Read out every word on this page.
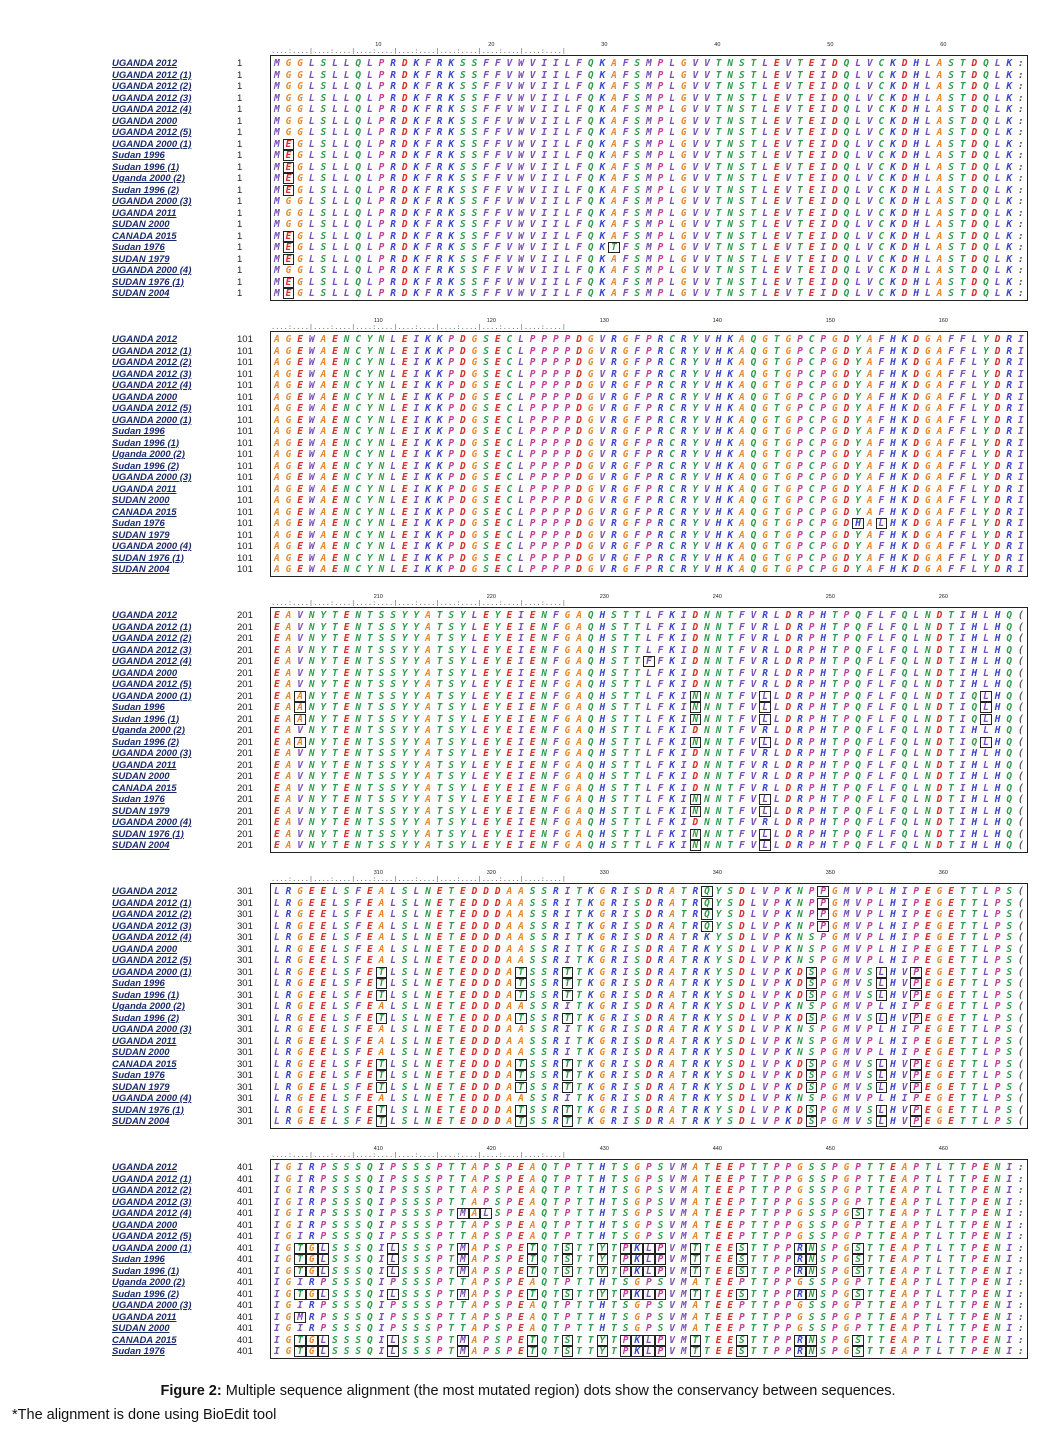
10	20	30	40	50	60
....:....|....:....|....:....|....:....|....:....|....:....|....:....|
UGANDA 2012	1	M G G L S L L Q L P R D K F R K S S F F V W V I I L F Q K A F S M P L G V V T N S T L E V T E I D Q L V C K D H L A S T D Q L K :
UGANDA 2012 (1)	1	M G G L S L L Q L P R D K F R K S S F F V W V I I L F Q K A F S M P L G V V T N S T L E V T E I D Q L V C K D H L A S T D Q L K :
UGANDA 2012 (2)	1	M G G L S L L Q L P R D K F R K S S F F V W V I I L F Q K A F S M P L G V V T N S T L E V T E I D Q L V C K D H L A S T D Q L K :
UGANDA 2012 (3)	1	M G G L S L L Q L P R D K F R K S S F F V W V I I L F Q K A F S M P L G V V T N S T L E V T E I D Q L V C K D H L A S T D Q L K :
UGANDA 2012 (4)	1	M G G L S L L Q L P R D K F R K S S F F V W V I I L F Q K A F S M P L G V V T N S T L E V T E I D Q L V C K D H L A S T D Q L K :
UGANDA 2000	1	M G G L S L L Q L P R D K F R K S S F F V W V I I L F Q K A F S M P L G V V T N S T L E V T E I D Q L V C K D H L A S T D Q L K :
UGANDA 2012 (5)	1	M G G L S L L Q L P R D K F R K S S F F V W V I I L F Q K A F S M P L G V V T N S T L E V T E I D Q L V C K D H L A S T D Q L K :
UGANDA 2000 (1)	1	M E G L S L L Q L P R D K F R K S S F F V W V I I L F Q K A F S M P L G V V T N S T L E V T E I D Q L V C K D H L A S T D Q L K :
Sudan 1996	1	M E G L S L L Q L P R D K F R K S S F F V W V I I L F Q K A F S M P L G V V T N S T L E V T E I D Q L V C K D H L A S T D Q L K :
Sudan 1996 (1)	1	M E G L S L L Q L P R D K F R K S S F F V W V I I L F Q K A F S M P L G V V T N S T L E V T E I D Q L V C K D H L A S T D Q L K :
Uganda 2000 (2)	1	M E G L S L L Q L P R D K F R K S S F F V W V I I L F Q K A F S M P L G V V T N S T L E V T E I D Q L V C K D H L A S T D Q L K :
Sudan 1996 (2)	1	M E G L S L L Q L P R D K F R K S S F F V W V I I L F Q K A F S M P L G V V T N S T L E V T E I D Q L V C K D H L A S T D Q L K :
UGANDA 2000 (3)	1	M G G L S L L Q L P R D K F R K S S F F V W V I I L F Q K A F S M P L G V V T N S T L E V T E I D Q L V C K D H L A S T D Q L K :
UGANDA 2011	1	M G G L S L L Q L P R D K F R K S S F F V W V I I L F Q K A F S M P L G V V T N S T L E V T E I D Q L V C K D H L A S T D Q L K :
SUDAN 2000	1	M G G L S L L Q L P R D K F R K S S F F V W V I I L F Q K A F S M P L G V V T N S T L E V T E I D Q L V C K D H L A S T D Q L K :
CANADA 2015	1	M E G L S L L Q L P R D K F R K S S F F V W V I I L F Q K A F S M P L G V V T N S T L E V T E I D Q L V C K D H L A S T D Q L K :
Sudan 1976	1	M E G L S L L Q L P R D K F R K S S F F V W V I I L F Q K T F S M P L G V V T N S T L E V T E I D Q L V C K D H L A S T D Q L K :
SUDAN 1979	1	M E G L S L L Q L P R D K F R K S S F F V W V I I L F Q K A F S M P L G V V T N S T L E V T E I D Q L V C K D H L A S T D Q L K :
UGANDA 2000 (4)	1	M G G L S L L Q L P R D K F R K S S F F V W V I I L F Q K A F S M P L G V V T N S T L E V T E I D Q L V C K D H L A S T D Q L K :
SUDAN 1976 (1)	1	M E G L S L L Q L P R D K F R K S S F F V W V I I L F Q K A F S M P L G V V T N S T L E V T E I D Q L V C K D H L A S T D Q L K :
SUDAN 2004	1	M E G L S L L Q L P R D K F R K S S F F V W V I I L F Q K A F S M P L G V V T N S T L E V T E I D Q L V C K D H L A S T D Q L K :
110	120	130	140	150	160
....:....|....:....|....:....|....:....|....:....|....:....|....:....|
UGANDA 2012	101	A G E W A E N C Y N L E I K K P D G S E C L P P P P D G V R G F P R C R Y V H K A Q G T G P C P G D Y A F H K D G A F F L Y D R I
UGANDA 2012 (1)	101	A G E W A E N C Y N L E I K K P D G S E C L P P P P D G V R G F P R C R Y V H K A Q G T G P C P G D Y A F H K D G A F F L Y D R I
UGANDA 2012 (2)	101	A G E W A E N C Y N L E I K K P D G S E C L P P P P D G V R G F P R C R Y V H K A Q G T G P C P G D Y A F H K D G A F F L Y D R I
UGANDA 2012 (3)	101	A G E W A E N C Y N L E I K K P D G S E C L P P P P D G V R G F P R C R Y V H K A Q G T G P C P G D Y A F H K D G A F F L Y D R I
UGANDA 2012 (4)	101	A G E W A E N C Y N L E I K K P D G S E C L P P P P D G V R G F P R C R Y V H K A Q G T G P C P G D Y A F H K D G A F F L Y D R I
UGANDA 2000	101	A G E W A E N C Y N L E I K K P D G S E C L P P P P D G V R G F P R C R Y V H K A Q G T G P C P G D Y A F H K D G A F F L Y D R I
UGANDA 2012 (5)	101	A G E W A E N C Y N L E I K K P D G S E C L P P P P D G V R G F P R C R Y V H K A Q G T G P C P G D Y A F H K D G A F F L Y D R I
UGANDA 2000 (1)	101	A G E W A E N C Y N L E I K K P D G S E C L P P P P D G V R G F P R C R Y V H K A Q G T G P C P G D Y A F H K D G A F F L Y D R I
Sudan 1996	101	A G E W A E N C Y N L E I K K P D G S E C L P P P P D G V R G F P R C R Y V H K A Q G T G P C P G D Y A F H K D G A F F L Y D R I
Sudan 1996 (1)	101	A G E W A E N C Y N L E I K K P D G S E C L P P P P D G V R G F P R C R Y V H K A Q G T G P C P G D Y A F H K D G A F F L Y D R I
Uganda 2000 (2)	101	A G E W A E N C Y N L E I K K P D G S E C L P P P P D G V R G F P R C R Y V H K A Q G T G P C P G D Y A F H K D G A F F L Y D R I
Sudan 1996 (2)	101	A G E W A E N C Y N L E I K K P D G S E C L P P P P D G V R G F P R C R Y V H K A Q G T G P C P G D Y A F H K D G A F F L Y D R I
UGANDA 2000 (3)	101	A G E W A E N C Y N L E I K K P D G S E C L P P P P D G V R G F P R C R Y V H K A Q G T G P C P G D Y A F H K D G A F F L Y D R I
UGANDA 2011	101	A G E W A E N C Y N L E I K K P D G S E C L P P P P D G V R G F P R C R Y V H K A Q G T G P C P G D Y A F H K D G A F F L Y D R I
SUDAN 2000	101	A G E W A E N C Y N L E I K K P D G S E C L P P P P D G V R G F P R C R Y V H K A Q G T G P C P G D Y A F H K D G A F F L Y D R I
CANADA 2015	101	A G E W A E N C Y N L E I K K P D G S E C L P P P P D G V R G F P R C R Y V H K A Q G T G P C P G D Y A F H K D G A F F L Y D R I
Sudan 1976	101	A G E W A E N C Y N L E I K K P D G S E C L P P P P D G V R G F P R C R Y V H K A Q G T G P C P G D H A L H K D G A F F L Y D R I
SUDAN 1979	101	A G E W A E N C Y N L E I K K P D G S E C L P P P P D G V R G F P R C R Y V H K A Q G T G P C P G D Y A F H K D G A F F L Y D R I
UGANDA 2000 (4)	101	A G E W A E N C Y N L E I K K P D G S E C L P P P P D G V R G F P R C R Y V H K A Q G T G P C P G D Y A F H K D G A F F L Y D R I
SUDAN 1976 (1)	101	A G E W A E N C Y N L E I K K P D G S E C L P P P P D G V R G F P R C R Y V H K A Q G T G P C P G D Y A F H K D G A F F L Y D R I
SUDAN 2004	101	A G E W A E N C Y N L E I K K P D G S E C L P P P P D G V R G F P R C R Y V H K A Q G T G P C P G D Y A F H K D G A F F L Y D R I
210	220	230	240	250	260
....:....|....:....|....:....|....:....|....:....|....:....|....:....|
UGANDA 2012	201	E A V N Y T E N T S S Y Y A T S Y L E Y E I E N F G A Q H S T T L F K I D N N T F V R L D R P H T P Q F L F Q L N D T I H L H Q (
UGANDA 2012 (1)	201	E A V N Y T E N T S S Y Y A T S Y L E Y E I E N F G A Q H S T T L F K I D N N T F V R L D R P H T P Q F L F Q L N D T I H L H Q (
UGANDA 2012 (2)	201	E A V N Y T E N T S S Y Y A T S Y L E Y E I E N F G A Q H S T T L F K I D N N T F V R L D R P H T P Q F L F Q L N D T I H L H Q (
UGANDA 2012 (3)	201	E A V N Y T E N T S S Y Y A T S Y L E Y E I E N F G A Q H S T T L F K I D N N T F V R L D R P H T P Q F L F Q L N D T I H L H Q (
UGANDA 2012 (4)	201	E A V N Y T E N T S S Y Y A T S Y L E Y E I E N F G A Q H S T T F F K I D N N T F V R L D R P H T P Q F L F Q L N D T I H L H Q (
UGANDA 2000	201	E A V N Y T E N T S S Y Y A T S Y L E Y E I E N F G A Q H S T T L F K I D N N T F V R L D R P H T P Q F L F Q L N D T I H L H Q (
UGANDA 2012 (5)	201	E A V N Y T E N T S S Y Y A T S Y L E Y E I E N F G A Q H S T T L F K I D N N T F V R L D R P H T P Q F L F Q L N D T I H L H Q (
UGANDA 2000 (1)	201	E A A N Y T E N T S S Y Y A T S Y L E Y E I E N F G A Q H S T T L F K I N N N T F V L L D R P H T P Q F L F Q L N D T I Q L H Q (
Sudan 1996	201	E A A N Y T E N T S S Y Y A T S Y L E Y E I E N F G A Q H S T T L F K I N N N T F V L L D R P H T P Q F L F Q L N D T I Q L H Q (
Sudan 1996 (1)	201	E A A N Y T E N T S S Y Y A T S Y L E Y E I E N F G A Q H S T T L F K I N N N T F V L L D R P H T P Q F L F Q L N D T I Q L H Q (
Uganda 2000 (2)	201	E A V N Y T E N T S S Y Y A T S Y L E Y E I E N F G A Q H S T T L F K I D N N T F V R L D R P H T P Q F L F Q L N D T I H L H Q (
Sudan 1996 (2)	201	E A A N Y T E N T S S Y Y A T S Y L E Y E I E N F G A Q H S T T L F K I N N N T F V L L D R P H T P Q F L F Q L N D T I Q L H Q (
UGANDA 2000 (3)	201	E A V N Y T E N T S S Y Y A T S Y L E Y E I E N F G A Q H S T T L F K I D N N T F V R L D R P H T P Q F L F Q L N D T I H L H Q (
UGANDA 2011	201	E A V N Y T E N T S S Y Y A T S Y L E Y E I E N F G A Q H S T T L F K I D N N T F V R L D R P H T P Q F L F Q L N D T I H L H Q (
SUDAN 2000	201	E A V N Y T E N T S S Y Y A T S Y L E Y E I E N F G A Q H S T T L F K I D N N T F V R L D R P H T P Q F L F Q L N D T I H L H Q (
CANADA 2015	201	E A V N Y T E N T S S Y Y A T S Y L E Y E I E N F G A Q H S T T L F K I D N N T F V R L D R P H T P Q F L F Q L N D T I H L H Q (
Sudan 1976	201	E A V N Y T E N T S S Y Y A T S Y L E Y E I E N F G A Q H S T T L F K I N N N T F V L L D R P H T P Q F L F Q L N D T I H L H Q (
SUDAN 1979	201	E A V N Y T E N T S S Y Y A T S Y L E Y E I E N F G A Q H S T T L F K I N N N T F V L L D R P H T P Q F L F Q L N D T I H L H Q (
UGANDA 2000 (4)	201	E A V N Y T E N T S S Y Y A T S Y L E Y E I E N F G A Q H S T T L F K I D N N T F V R L D R P H T P Q F L F Q L N D T I H L H Q (
SUDAN 1976 (1)	201	E A V N Y T E N T S S Y Y A T S Y L E Y E I E N F G A Q H S T T L F K I N N N T F V L L D R P H T P Q F L F Q L N D T I H L H Q (
SUDAN 2004	201	E A V N Y T E N T S S Y Y A T S Y L E Y E I E N F G A Q H S T T L F K I N N N T F V L L D R P H T P Q F L F Q L N D T I H L H Q (
310	320	330	340	350	360
....:....|....:....|....:....|....:....|....:....|....:....|....:....|
UGANDA 2012	301	L R G E E L S F E A L S L N E T E D D D A A S S R I T K G R I S D R A T R Q Y S D L V P K N P P G M V P L H I P E G E T T L P S (
UGANDA 2012 (1)	301	L R G E E L S F E A L S L N E T E D D D A A S S R I T K G R I S D R A T R Q Y S D L V P K N P P G M V P L H I P E G E T T L P S (
UGANDA 2012 (2)	301	L R G E E L S F E A L S L N E T E D D D A A S S R I T K G R I S D R A T R Q Y S D L V P K N P P G M V P L H I P E G E T T L P S (
UGANDA 2012 (3)	301	L R G E E L S F E A L S L N E T E D D D A A S S R I T K G R I S D R A T R Q Y S D L V P K N P P G M V P L H I P E G E T T L P S (
UGANDA 2012 (4)	301	L R G E E L S F E A L S L N E T E D D D A A S S R I T K G R I S D R A T R K Y S D L V P K N S P G M V P L H I P E G E T T L P S (
UGANDA 2000	301	L R G E E L S F E A L S L N E T E D D D A A S S R I T K G R I S D R A T R K Y S D L V P K N S P G M V P L H I P E G E T T L P S (
UGANDA 2012 (5)	301	L R G E E L S F E A L S L N E T E D D D A A S S R I T K G R I S D R A T R K Y S D L V P K N S P G M V P L H I P E G E T T L P S (
UGANDA 2000 (1)	301	L R G E E L S F E T L S L N E T E D D D A T S S R T T K G R I S D R A T R K Y S D L V P K D S P G M V S L H V P E G E T T L P S (
Sudan 1996	301	L R G E E L S F E T L S L N E T E D D D A T S S R T T K G R I S D R A T R K Y S D L V P K D S P G M V S L H V P E G E T T L P S (
Sudan 1996 (1)	301	L R G E E L S F E T L S L N E T E D D D A T S S R T T K G R I S D R A T R K Y S D L V P K D S P G M V S L H V P E G E T T L P S (
Uganda 2000 (2)	301	L R G E E L S F E A L S L N E T E D D D A A S S R I T K G R I S D R A T R K Y S D L V P K N S P G M V P L H I P E G E T T L P S (
Sudan 1996 (2)	301	L R G E E L S F E T L S L N E T E D D D A T S S R T T K G R I S D R A T R K Y S D L V P K D S P G M V S L H V P E G E T T L P S (
UGANDA 2000 (3)	301	L R G E E L S F E A L S L N E T E D D D A A S S R I T K G R I S D R A T R K Y S D L V P K N S P G M V P L H I P E G E T T L P S (
UGANDA 2011	301	L R G E E L S F E A L S L N E T E D D D A A S S R I T K G R I S D R A T R K Y S D L V P K N S P G M V P L H I P E G E T T L P S (
SUDAN 2000	301	L R G E E L S F E A L S L N E T E D D D A A S S R I T K G R I S D R A T R K Y S D L V P K N S P G M V P L H I P E G E T T L P S (
CANADA 2015	301	L R G E E L S F E T L S L N E T E D D D A T S S R T T K G R I S D R A T R K Y S D L V P K D S P G M V S L H V P E G E T T L P S (
Sudan 1976	301	L R G E E L S F E T L S L N E T E D D D A T S S R T T K G R I S D R A T R K Y S D L V P K D S P G M V S L H V P E G E T T L P S (
SUDAN 1979	301	L R G E E L S F E T L S L N E T E D D D A T S S R T T K G R I S D R A T R K Y S D L V P K D S P G M V S L H V P E G E T T L P S (
UGANDA 2000 (4)	301	L R G E E L S F E A L S L N E T E D D D A A S S R I T K G R I S D R A T R K Y S D L V P K N S P G M V P L H I P E G E T T L P S (
SUDAN 1976 (1)	301	L R G E E L S F E T L S L N E T E D D D A T S S R T T K G R I S D R A T R K Y S D L V P K D S P G M V S L H V P E G E T T L P S (
SUDAN 2004	301	L R G E E L S F E T L S L N E T E D D D A T S S R T T K G R I S D R A T R K Y S D L V P K D S P G M V S L H V P E G E T T L P S (
410	420	430	440	450	460
....:....|....:....|....:....|....:....|....:....|....:....|....:....|
UGANDA 2012	401	I G I R P S S S Q I P S S S P T T A P S P E A Q T P T T H T S G P S V M A T E E P T T P P G S S P G P T T E A P T L T T P E N I :
UGANDA 2012 (1)	401	I G I R P S S S Q I P S S S P T T A P S P E A Q T P T T H T S G P S V M A T E E P T T P P G S S P G P T T E A P T L T T P E N I :
UGANDA 2012 (2)	401	I G I R P S S S Q I P S S S P T T A P S P E A Q T P T T H T S G P S V M A T E E P T T P P G S S P G P T T E A P T L T T P E N I :
UGANDA 2012 (3)	401	I G I R P S S S Q I P S S S P T T A P S P E A Q T P T T H T S G P S V M A T E E P T T P P G S S P G P T T E A P T L T T P E N I :
UGANDA 2012 (4)	401	I G I R P S S S Q I P S S S P T M A L S P E A Q T P T T H T S G P S V M A T E E P T T P P G S S P G S T T E A P T L T T P E N I :
UGANDA 2000	401	I G I R P S S S Q I P S S S P T T A P S P E A Q T P T T H T S G P S V M A T E E P T T P P G S S P G P T T E A P T L T T P E N I :
UGANDA 2012 (5)	401	I G I R P S S S Q I P S S S P T T A P S P E A Q T P T T H T S G P S V M A T E E P T T P P G S S P G P T T E A P T L T T P E N I :
UGANDA 2000 (1)	401	I G T G L S S S Q I L S S S P T M A P S P E T Q T S T T Y T P K L P V M T T E E S T T P P R N S P G S T T E A P T L T T P E N I :
Sudan 1996	401	I G T G L S S S Q I L S S S P T M A P S P E T Q T S T T Y T P K L P V M T T E E S T T P P R N S P G S T T E A P T L T T P E N I :
Sudan 1996 (1)	401	I G T G L S S S Q I L S S S P T M A P S P E T Q T S T T Y T P K L P V M T T E E S T T P P R N S P G S T T E A P T L T T P E N I :
Uganda 2000 (2)	401	I G I R P S S S Q I P S S S P T T A P S P E A Q T P T T H T S G P S V M A T E E P T T P P G S S P G P T T E A P T L T T P E N I :
Sudan 1996 (2)	401	I G T G L S S S Q I L S S S P T M A P S P E T Q T S T T Y T P K L P V M T T E E S T T P P R N S P G S T T E A P T L T T P E N I :
UGANDA 2000 (3)	401	I G I R P S S S Q I P S S S P T T A P S P E A Q T P T T H T S G P S V M A T E E P T T P P G S S P G P T T E A P T L T T P E N I :
UGANDA 2011	401	I G M R P S S S Q I P S S S P T T A P S P E A Q T P T T H T S G P S V M A T E E P T T P P G S S P G P T T E A P T L T T P E N I :
SUDAN 2000	401	I G I R P S S S Q I P S S S P T T A P S P E A Q T P T T H T S G P S V M A T E E P T T P P G S S P G P T T E A P T L T T P E N I :
CANADA 2015	401	I G T G L S S S Q I L S S S P T M A P S P E T Q T S T T Y T P K L P V M T T E E S T T P P R N S P G S T T E A P T L T T P E N I :
Sudan 1976	401	I G T G L S S S Q I L S S S P T M A P S P E T Q T S T T Y T P K L P V M T T E E S T T P P R N S P G S T T E A P T L T T P E N I :

Figure 2: Multiple sequence alignment (the most mutated region) dots show the conservancy between sequences.

*The alignment is done using BioEdit tool
